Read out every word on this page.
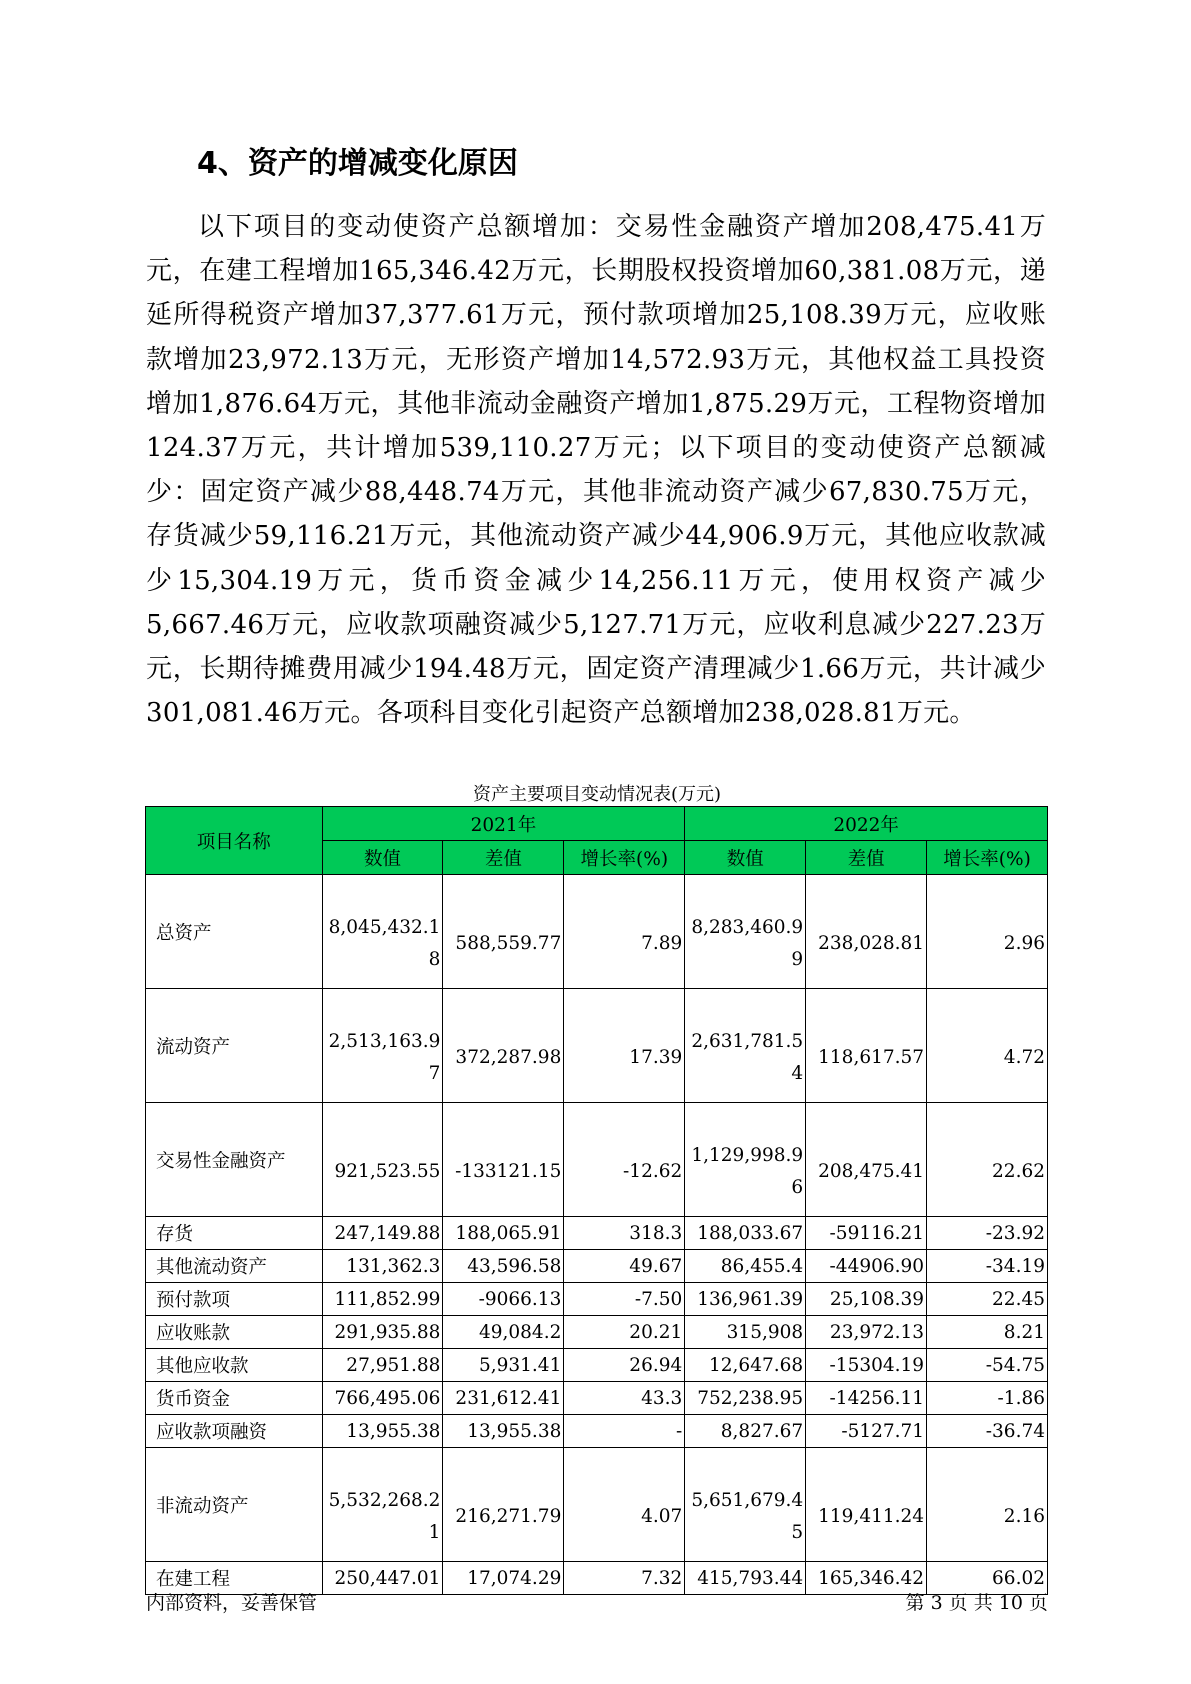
4、资产的增减变化原因

以下项目的变动使资产总额增加：交易性金融资产增加208,475.41万元，在建工程增加165,346.42万元，长期股权投资增加60,381.08万元，递延所得税资产增加37,377.61万元，预付款项增加25,108.39万元，应收账款增加23,972.13万元，无形资产增加14,572.93万元，其他权益工具投资增加1,876.64万元，其他非流动金融资产增加1,875.29万元，工程物资增加124.37万元，共计增加539,110.27万元；以下项目的变动使资产总额减少：固定资产减少88,448.74万元，其他非流动资产减少67,830.75万元，存货减少59,116.21万元，其他流动资产减少44,906.9万元，其他应收款减少15,304.19万元，货币资金减少14,256.11万元，使用权资产减少5,667.46万元，应收款项融资减少5,127.71万元，应收利息减少227.23万元，长期待摊费用减少194.48万元，固定资产清理减少1.66万元，共计减少301,081.46万元。各项科目变化引起资产总额增加238,028.81万元。

资产主要项目变动情况表(万元)
项目名称	2021年			2022年		
	数值	差值	增长率(%)	数值	差值	增长率(%)
总资产	8,045,432.18	588,559.77	7.89	8,283,460.99	238,028.81	2.96
流动资产	2,513,163.97	372,287.98	17.39	2,631,781.54	118,617.57	4.72
交易性金融资产	921,523.55	-133121.15	-12.62	1,129,998.96	208,475.41	22.62
存货	247,149.88	188,065.91	318.3	188,033.67	-59116.21	-23.92
其他流动资产	131,362.3	43,596.58	49.67	86,455.4	-44906.90	-34.19
预付款项	111,852.99	-9066.13	-7.50	136,961.39	25,108.39	22.45
应收账款	291,935.88	49,084.2	20.21	315,908	23,972.13	8.21
其他应收款	27,951.88	5,931.41	26.94	12,647.68	-15304.19	-54.75
货币资金	766,495.06	231,612.41	43.3	752,238.95	-14256.11	-1.86
应收款项融资	13,955.38	13,955.38	-	8,827.67	-5127.71	-36.74
非流动资产	5,532,268.21	216,271.79	4.07	5,651,679.45	119,411.24	2.16
在建工程	250,447.01	17,074.29	7.32	415,793.44	165,346.42	66.02
内部资料，妥善保管	第 3 页 共 10 页
